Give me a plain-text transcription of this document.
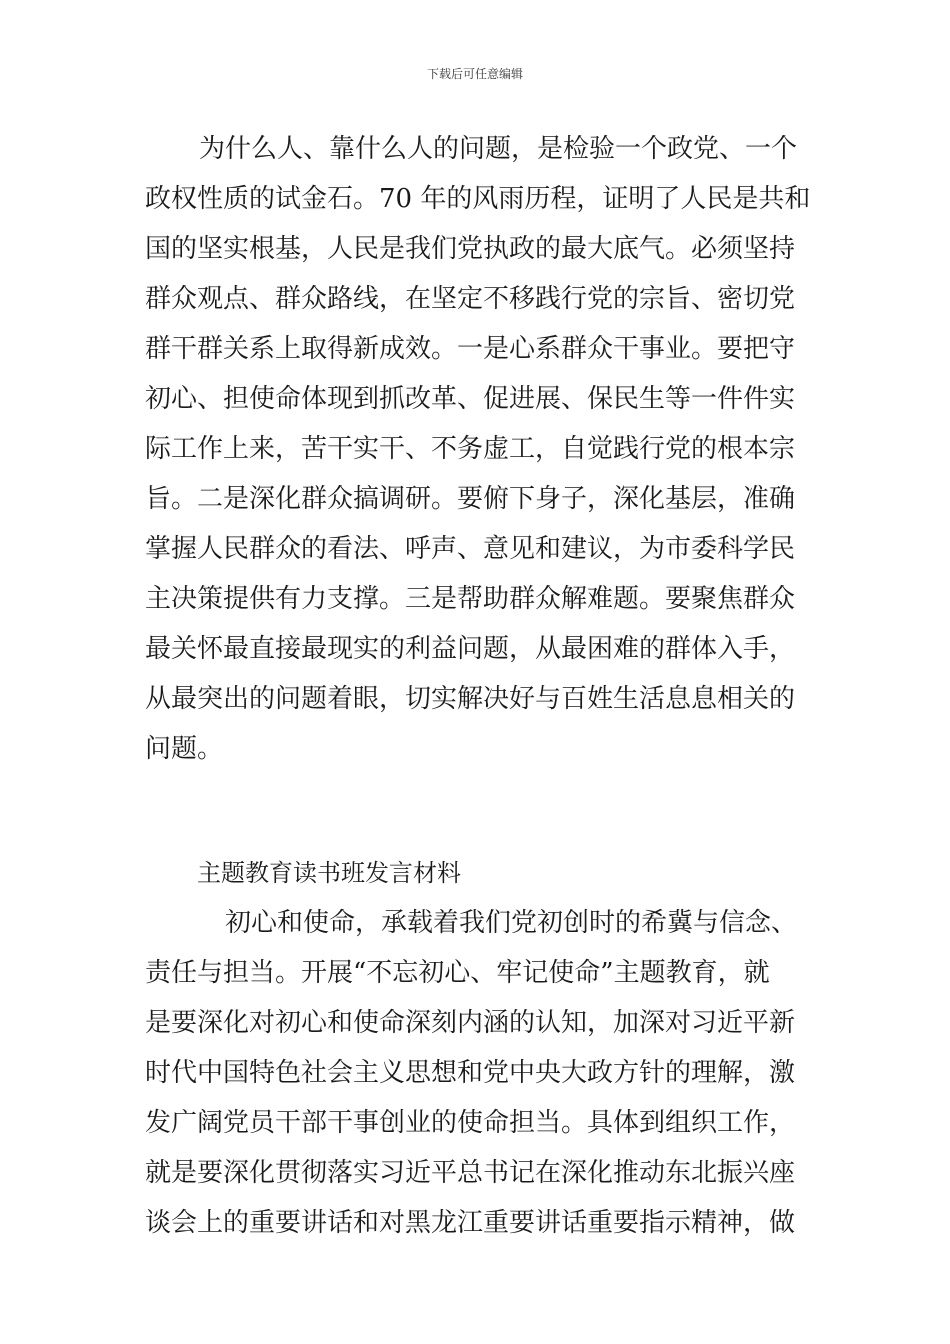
下载后可任意编辑
为什么人、靠什么人的问题，是检验一个政党、一个
政权性质的试金石。70 年的风雨历程，证明了人民是共和
国的坚实根基，人民是我们党执政的最大底气。必须坚持
群众观点、群众路线，在坚定不移践行党的宗旨、密切党
群干群关系上取得新成效。一是心系群众干事业。要把守
初心、担使命体现到抓改革、促进展、保民生等一件件实
际工作上来，苦干实干、不务虚工，自觉践行党的根本宗
旨。二是深化群众搞调研。要俯下身子，深化基层，准确
掌握人民群众的看法、呼声、意见和建议，为市委科学民
主决策提供有力支撑。三是帮助群众解难题。要聚焦群众
最关怀最直接最现实的利益问题，从最困难的群体入手，
从最突出的问题着眼，切实解决好与百姓生活息息相关的
问题。
主题教育读书班发言材料
初心和使命，承载着我们党初创时的希冀与信念、
责任与担当。开展“不忘初心、牢记使命”主题教育，就
是要深化对初心和使命深刻内涵的认知，加深对习近平新
时代中国特色社会主义思想和党中央大政方针的理解，激
发广阔党员干部干事创业的使命担当。具体到组织工作，
就是要深化贯彻落实习近平总书记在深化推动东北振兴座
谈会上的重要讲话和对黑龙江重要讲话重要指示精神，做
